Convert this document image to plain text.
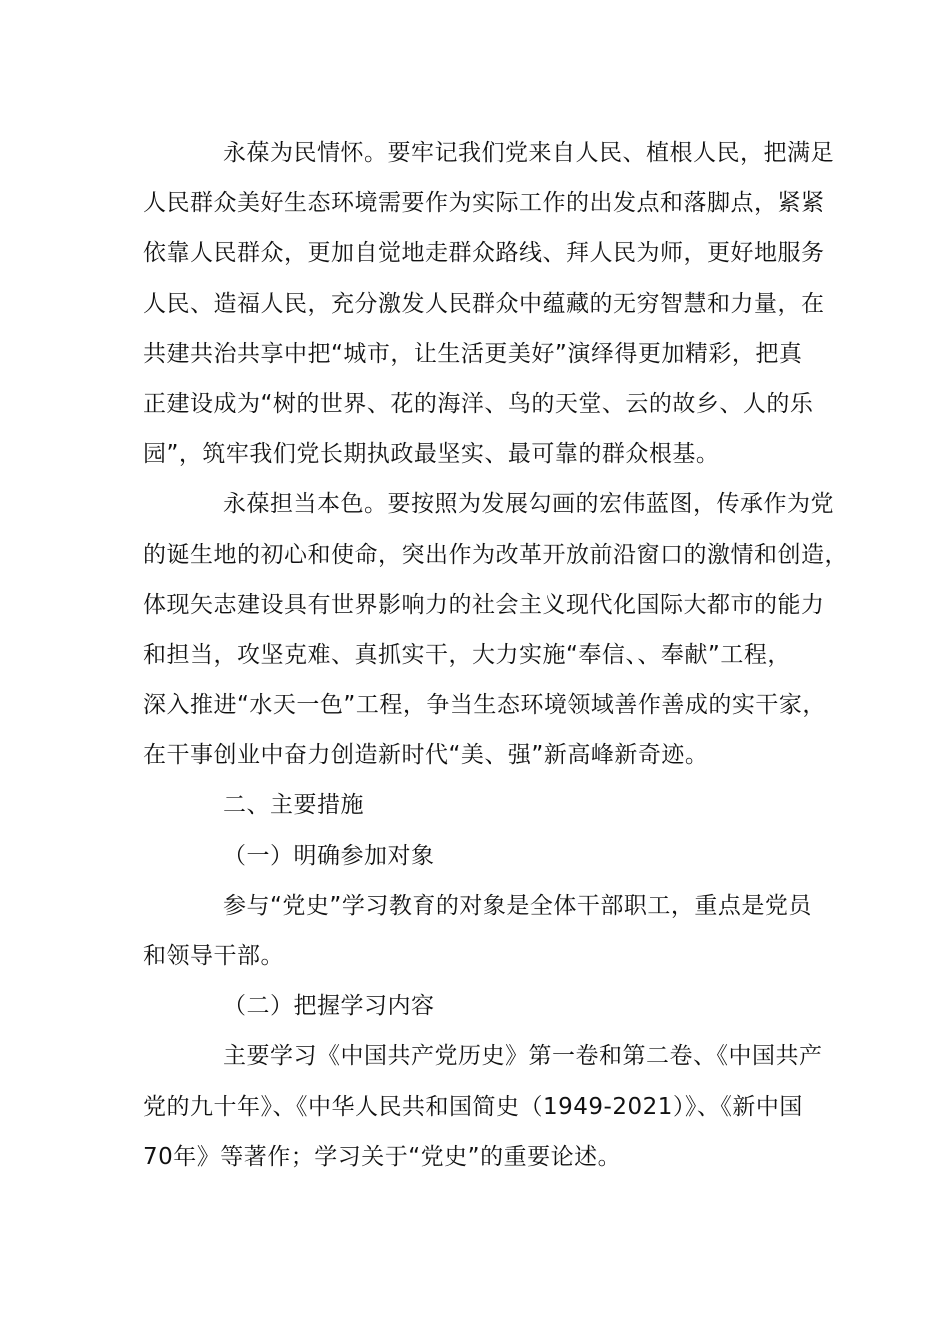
永葆为民情怀。要牢记我们党来自人民、植根人民，把满足
人民群众美好生态环境需要作为实际工作的出发点和落脚点，紧紧
依靠人民群众，更加自觉地走群众路线、拜人民为师，更好地服务
人民、造福人民，充分激发人民群众中蕴藏的无穷智慧和力量，在
共建共治共享中把“城市，让生活更美好”演绎得更加精彩，把真
正建设成为“树的世界、花的海洋、鸟的天堂、云的故乡、人的乐
园”，筑牢我们党长期执政最坚实、最可靠的群众根基。
永葆担当本色。要按照为发展勾画的宏伟蓝图，传承作为党
的诞生地的初心和使命，突出作为改革开放前沿窗口的激情和创造，
体现矢志建设具有世界影响力的社会主义现代化国际大都市的能力
和担当，攻坚克难、真抓实干，大力实施“奉信、、奉献”工程，
深入推进“水天一色”工程，争当生态环境领域善作善成的实干家，
在干事创业中奋力创造新时代“美、强”新高峰新奇迹。
二、主要措施
（一）明确参加对象
参与“党史”学习教育的对象是全体干部职工，重点是党员
和领导干部。
（二）把握学习内容
主要学习《中国共产党历史》第一卷和第二卷、《中国共产
党的九十年》、《中华人民共和国简史（1949-2021）》、《新中国
70年》等著作；学习关于“党史”的重要论述。
